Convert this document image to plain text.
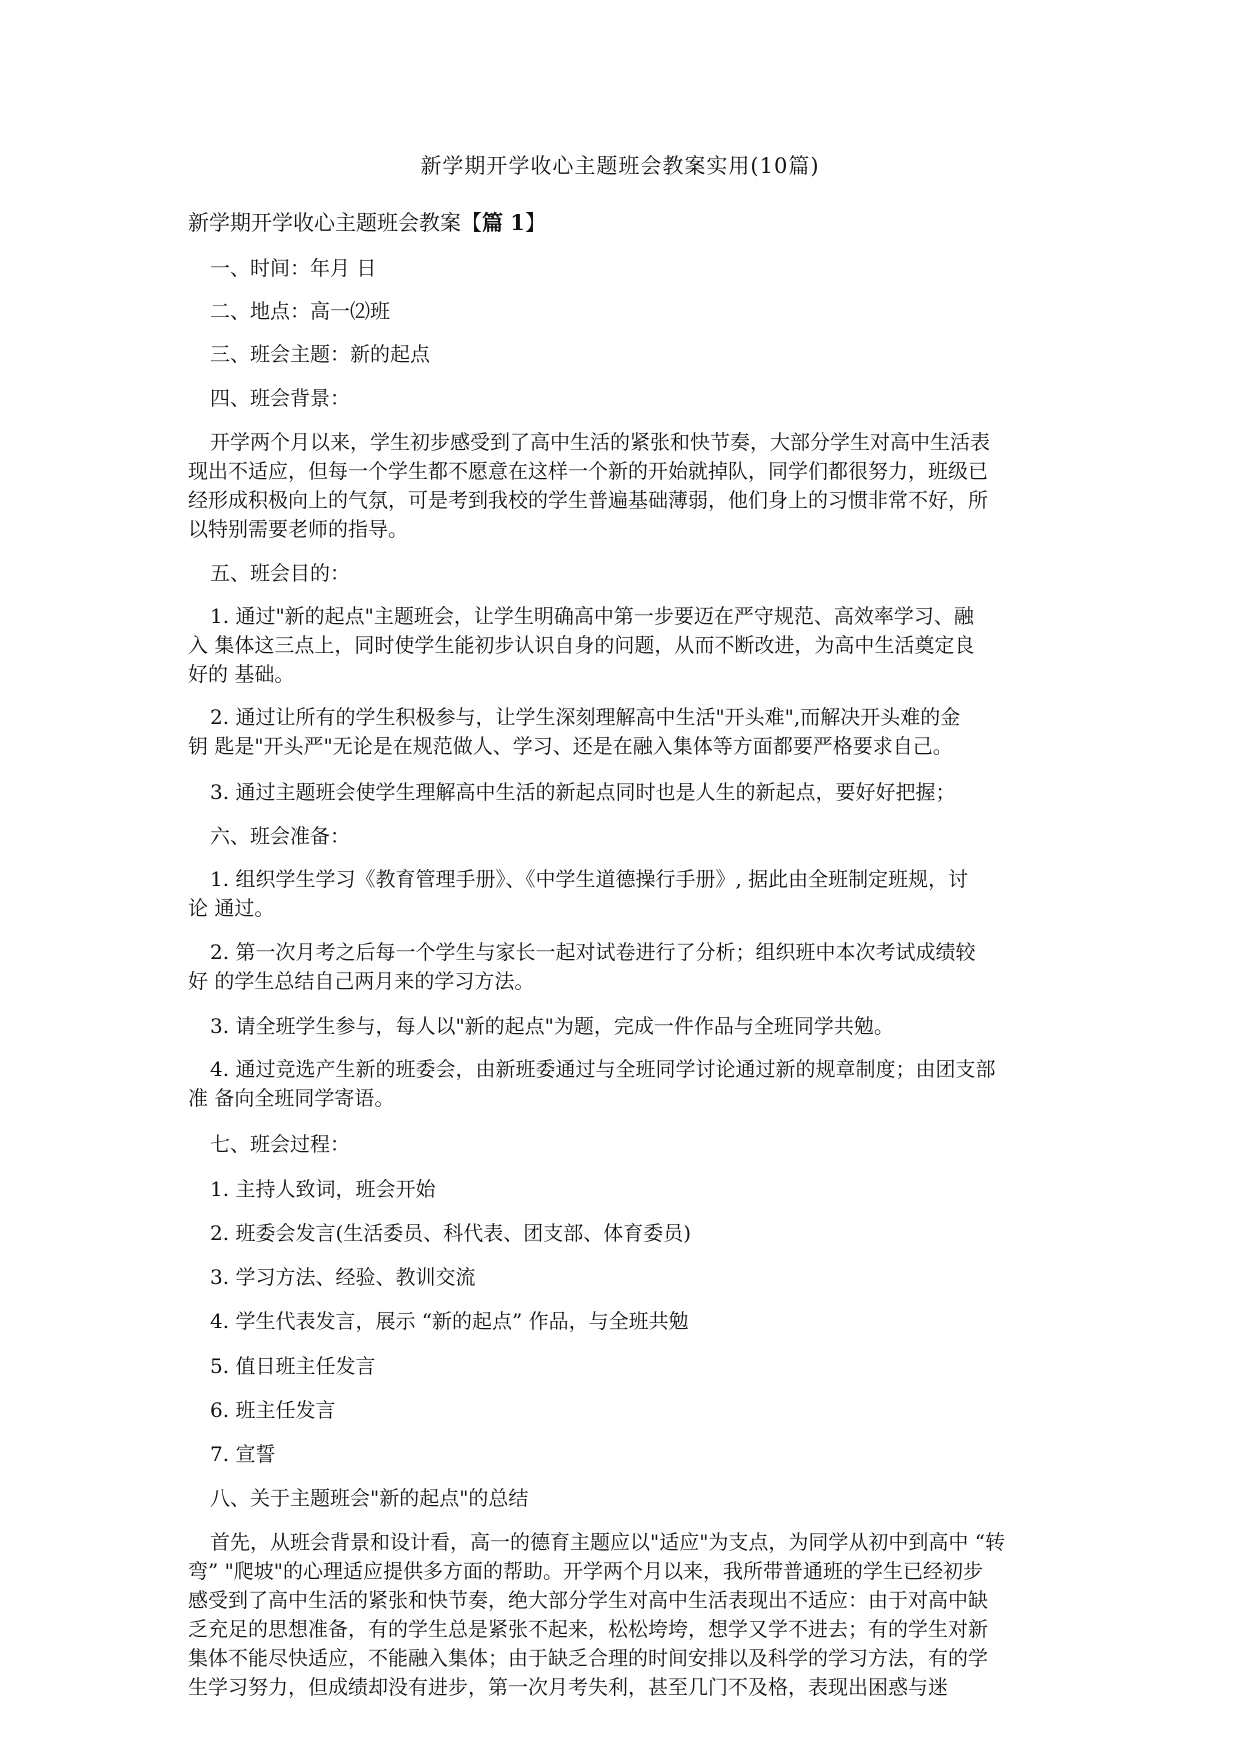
新学期开学收心主题班会教案实用(10篇)
新学期开学收心主题班会教案【篇 1】
一、时间：年月 日
二、地点：高一⑵班
三、班会主题：新的起点
四、班会背景：
开学两个月以来，学生初步感受到了高中生活的紧张和快节奏，大部分学生对高中生活表
现出不适应，但每一个学生都不愿意在这样一个新的开始就掉队，同学们都很努力，班级已
经形成积极向上的气氛，可是考到我校的学生普遍基础薄弱，他们身上的习惯非常不好，所
以特别需要老师的指导。
五、班会目的：
1. 通过"新的起点"主题班会，让学生明确高中第一步要迈在严守规范、高效率学习、融
入 集体这三点上，同时使学生能初步认识自身的问题，从而不断改进，为高中生活奠定良
好的 基础。
2. 通过让所有的学生积极参与，让学生深刻理解高中生活"开头难",而解决开头难的金
钥 匙是"开头严"无论是在规范做人、学习、还是在融入集体等方面都要严格要求自己。
3. 通过主题班会使学生理解高中生活的新起点同时也是人生的新起点，要好好把握；
六、班会准备：
1. 组织学生学习《教育管理手册》、《中学生道德操行手册》, 据此由全班制定班规，讨
论 通过。
2. 第一次月考之后每一个学生与家长一起对试卷进行了分析；组织班中本次考试成绩较
好 的学生总结自己两月来的学习方法。
3. 请全班学生参与，每人以"新的起点"为题，完成一件作品与全班同学共勉。
4. 通过竞选产生新的班委会，由新班委通过与全班同学讨论通过新的规章制度；由团支部
准 备向全班同学寄语。
七、班会过程：
1. 主持人致词，班会开始
2. 班委会发言(生活委员、科代表、团支部、体育委员)
3. 学习方法、经验、教训交流
4. 学生代表发言，展示 “新的起点” 作品，与全班共勉
5. 值日班主任发言
6. 班主任发言
7. 宣誓
八、关于主题班会"新的起点"的总结
首先，从班会背景和设计看，高一的德育主题应以"适应"为支点，为同学从初中到高中 “转
弯” "爬坡"的心理适应提供多方面的帮助。开学两个月以来，我所带普通班的学生已经初步
感受到了高中生活的紧张和快节奏，绝大部分学生对高中生活表现出不适应：由于对高中缺
乏充足的思想准备，有的学生总是紧张不起来，松松垮垮，想学又学不进去；有的学生对新
集体不能尽快适应，不能融入集体；由于缺乏合理的时间安排以及科学的学习方法，有的学
生学习努力，但成绩却没有进步，第一次月考失利，甚至几门不及格，表现出困惑与迷
